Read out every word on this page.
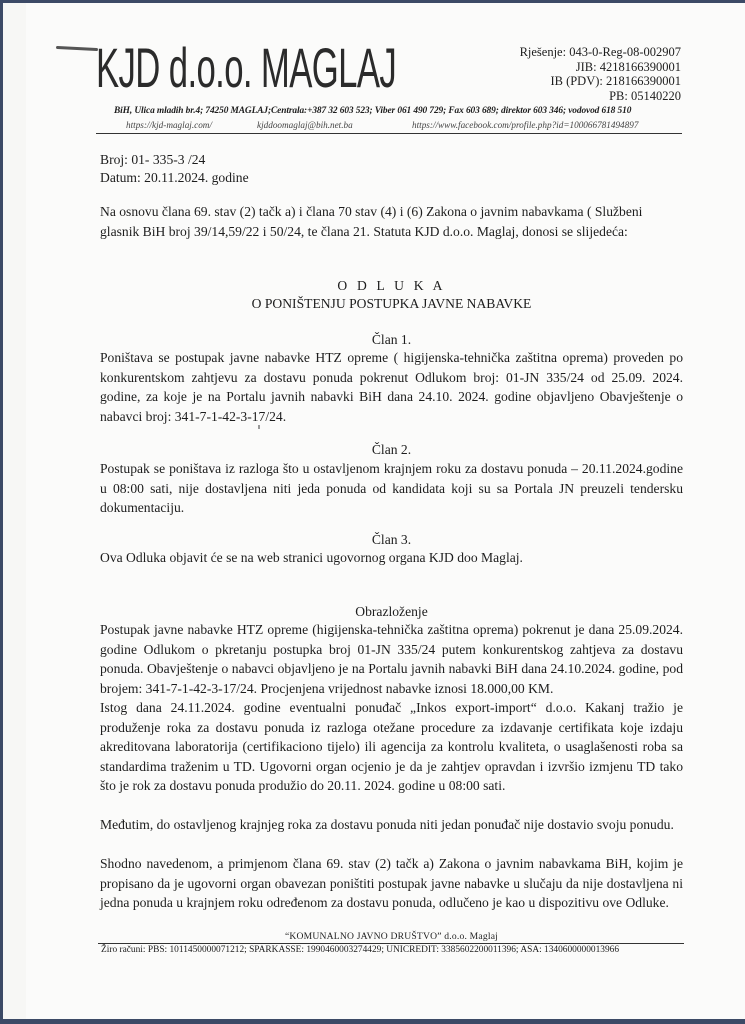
KJD d.o.o. MAGLAJ	Rješenje: 043-0-Reg-08-002907
JIB: 4218166390001
IB (PDV): 218166390001
PB: 05140220
BiH, Ulica mladih br.4; 74250 MAGLAJ;Centrala:+387 32 603 523; Viber 061 490 729; Fax 603 689; direktor 603 346; vodovod 618 510
https://kjd-maglaj.com/	kjddoomaglaj@bih.net.ba	https://www.facebook.com/profile.php?id=100066781494897
Broj: 01- 335-3 /24
Datum: 20.11.2024. godine
Na osnovu člana 69. stav (2) tačk a) i člana 70 stav (4) i (6) Zakona o javnim nabavkama ( Službeni glasnik BiH broj 39/14,59/22 i 50/24, te člana 21. Statuta KJD d.o.o. Maglaj, donosi se slijedeća:
O D L U K A
O PONIŠTENJU POSTUPKA JAVNE NABAVKE
Član 1.
Poništava se postupak javne nabavke HTZ opreme ( higijenska-tehnička zaštitna oprema) proveden po konkurentskom zahtjevu za dostavu ponuda pokrenut Odlukom broj: 01-JN 335/24 od 25.09. 2024. godine, za koje je na Portalu javnih nabavki BiH dana 24.10. 2024. godine objavljeno Obavještenje o nabavci broj: 341-7-1-42-3-17/24.
Član 2.
Postupak se poništava iz razloga što u ostavljenom krajnjem roku za dostavu ponuda – 20.11.2024.godine u 08:00 sati, nije dostavljena niti jeda ponuda od kandidata koji su sa Portala JN preuzeli tendersku dokumentaciju.
Član 3.
Ova Odluka objavit će se na web stranici ugovornog organa KJD doo Maglaj.
Obrazloženje
Postupak javne nabavke HTZ opreme (higijenska-tehnička zaštitna oprema) pokrenut je dana 25.09.2024. godine Odlukom o pkretanju postupka broj 01-JN 335/24 putem konkurentskog zahtjeva za dostavu ponuda. Obavještenje o nabavci objavljeno je na Portalu javnih nabavki BiH dana 24.10.2024. godine, pod brojem: 341-7-1-42-3-17/24. Procjenjena vrijednost nabavke iznosi 18.000,00 KM.
Istog dana 24.11.2024. godine eventualni ponuđač „Inkos export-import“ d.o.o. Kakanj tražio je produženje roka za dostavu ponuda iz razloga otežane procedure za izdavanje certifikata koje izdaju akreditovana laboratorija (certifikaciono tijelo) ili agencija za kontrolu kvaliteta, o usaglašenosti roba sa standardima traženim u TD. Ugovorni organ ocjenio je da je zahtjev opravdan i izvršio izmjenu TD tako što je rok za dostavu ponuda produžio do 20.11. 2024. godine u 08:00 sati.
Međutim, do ostavljenog krajnjeg roka za dostavu ponuda niti jedan ponuđač nije dostavio svoju ponudu.
Shodno navedenom, a primjenom člana 69. stav (2) tačk a) Zakona o javnim nabavkama BiH, kojim je propisano da je ugovorni organ obavezan poništiti postupak javne nabavke u slučaju da nije dostavljena ni jedna ponuda u krajnjem roku određenom za dostavu ponuda, odlučeno je kao u dispozitivu ove Odluke.
“KOMUNALNO JAVNO DRUŠTVO” d.o.o. Maglaj
Žiro računi: PBS: 1011450000071212; SPARKASSE: 1990460003274429; UNICREDIT: 3385602200011396; ASA: 1340600000013966
